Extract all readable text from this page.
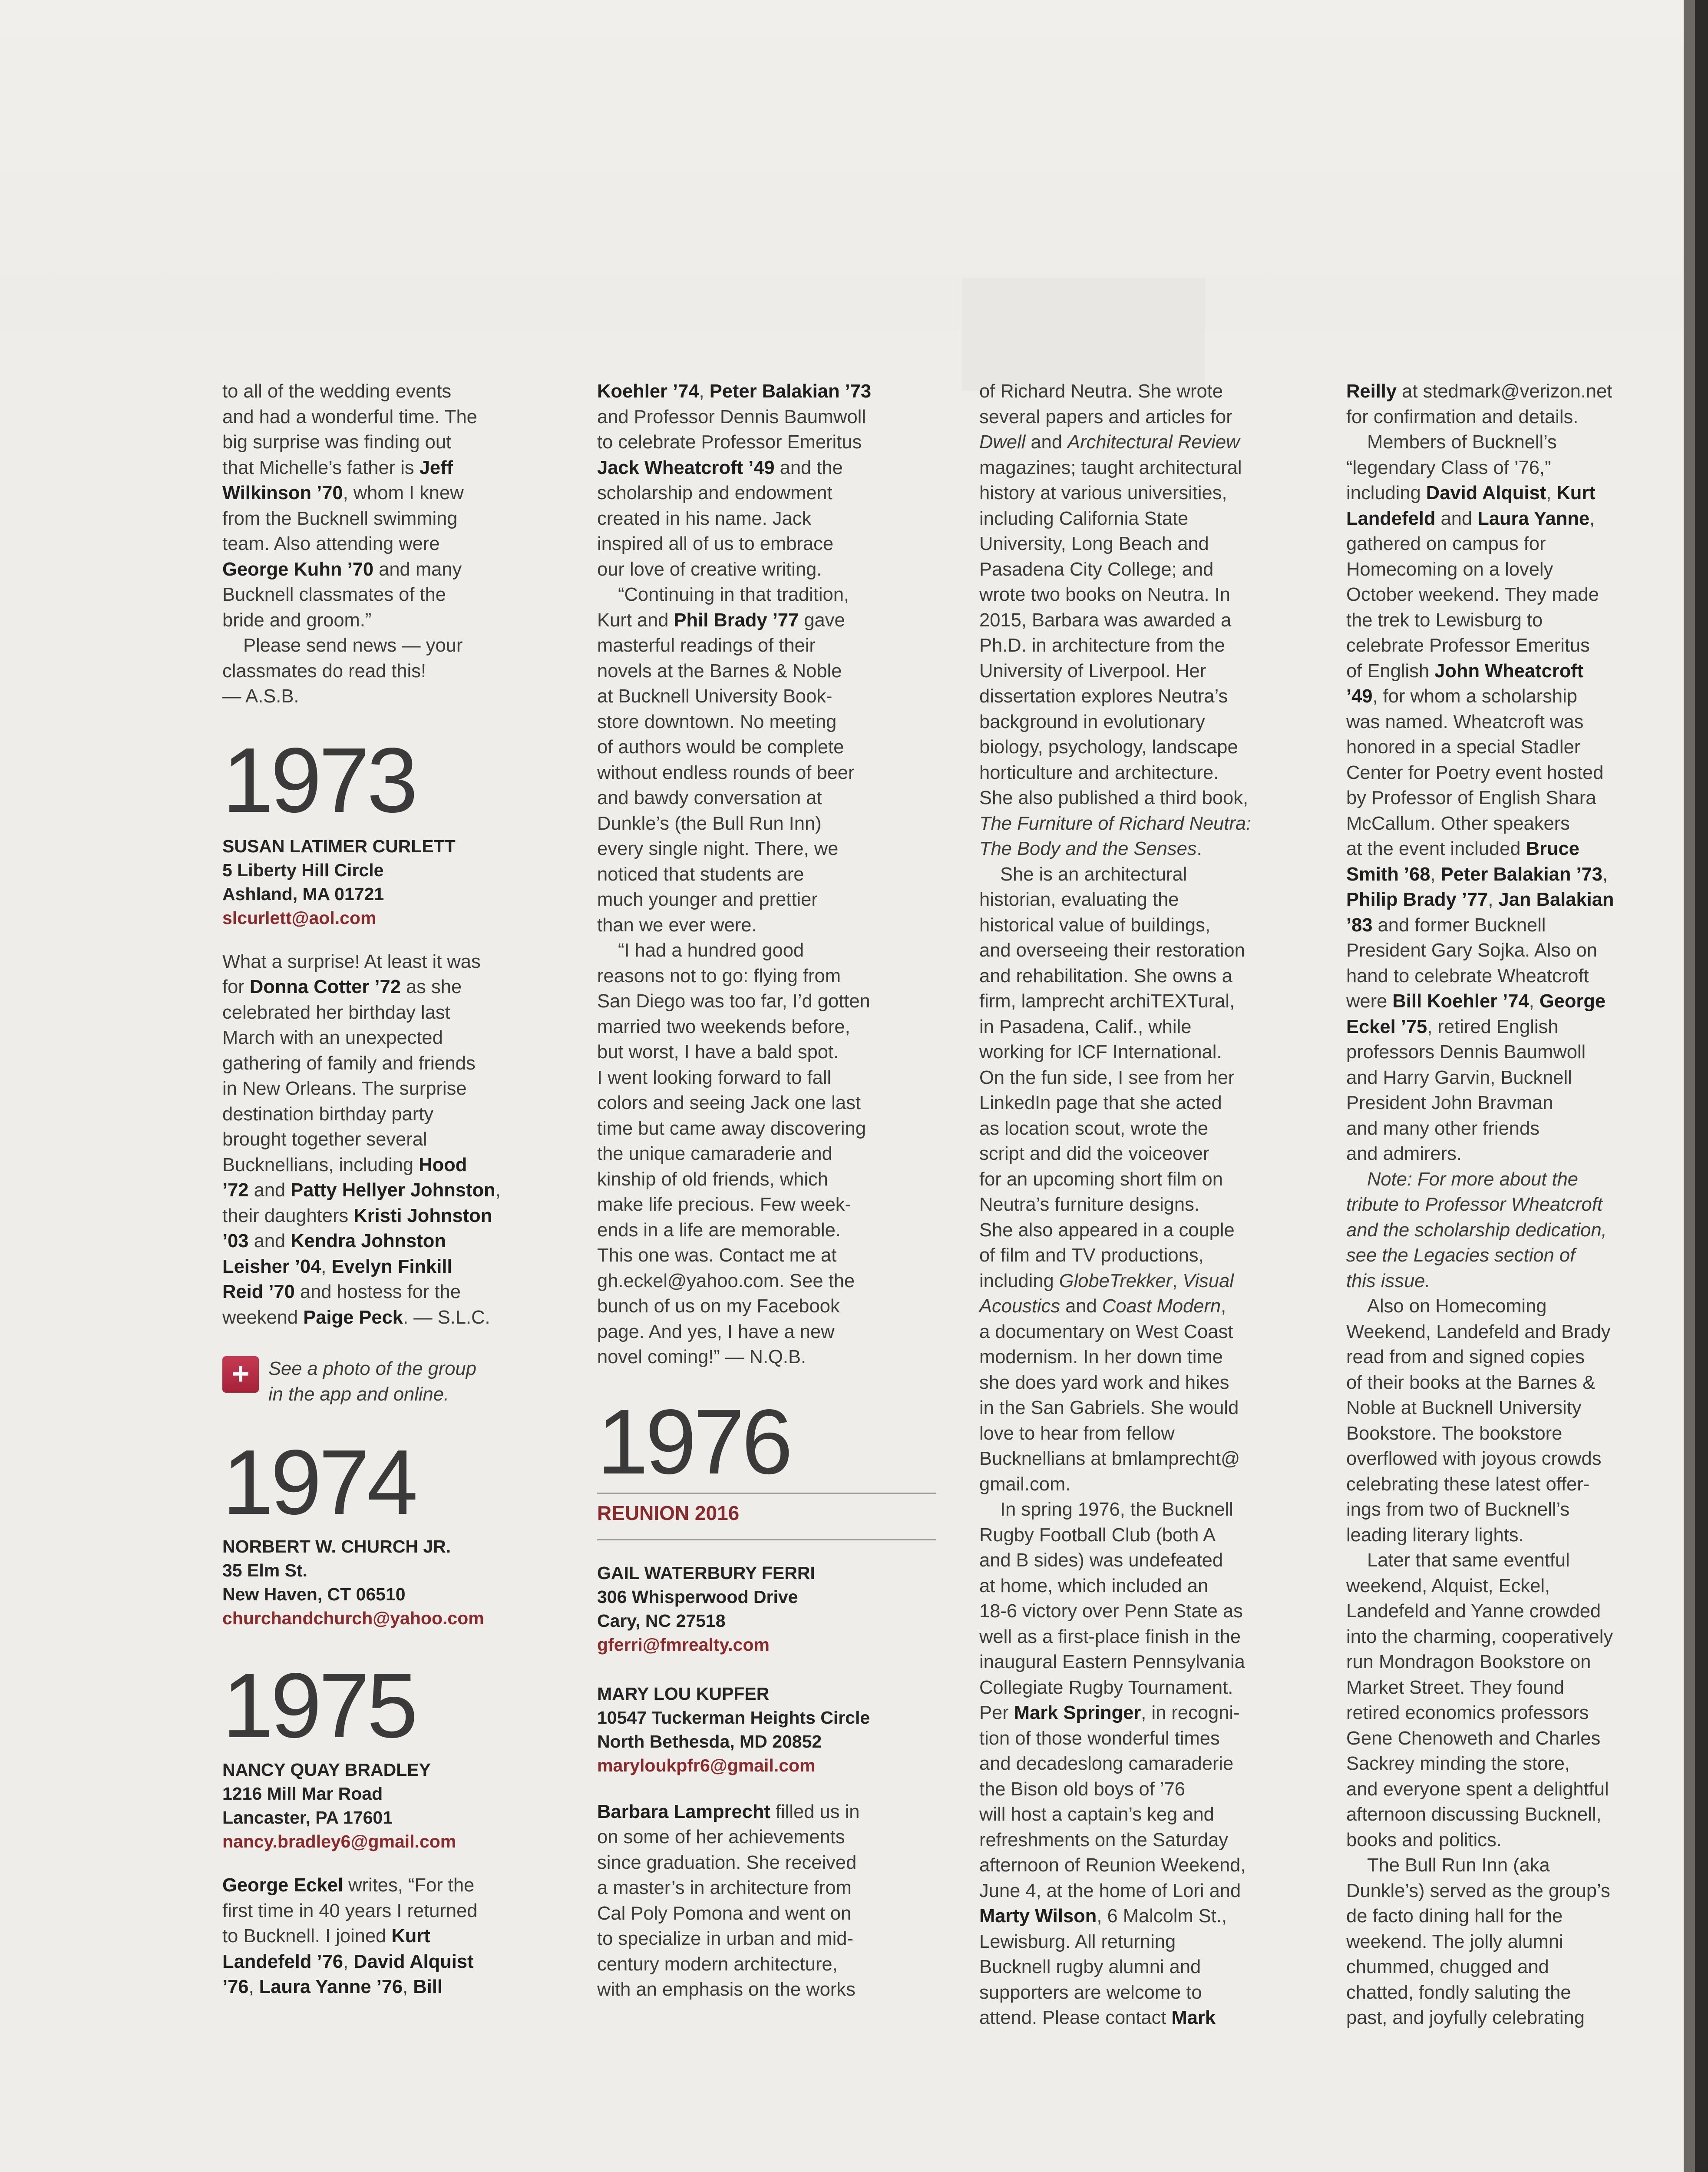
to all of the wedding events
and had a wonderful time. The
big surprise was finding out
that Michelle’s father is Jeff
Wilkinson ’70, whom I knew
from the Bucknell swimming
team. Also attending were
George Kuhn ’70 and many
Bucknell classmates of the
bride and groom.”

Please send news — your
classmates do read this!
— A.S.B.

1973

SUSAN LATIMER CURLETT

5 Liberty Hill Circle
Ashland, MA 01721

slcurlett@aol.com

What a surprise! At least it was
for Donna Cotter ’72 as she
celebrated her birthday last
March with an unexpected
gathering of family and friends
in New Orleans. The surprise
destination birthday party
brought together several
Bucknellians, including Hood
’72 and Patty Hellyer Johnston,
their daughters Kristi Johnston
’03 and Kendra Johnston
Leisher ’04, Evelyn Finkill
Reid ’70 and hostess for the
weekend Paige Peck. — S.L.C.

+	See a photo of the group
in the app and online.

1974

NORBERT W. CHURCH JR.

35 Elm St.
New Haven, CT 06510

churchandchurch@yahoo.com
1975

NANCY QUAY BRADLEY

1216 Mill Mar Road
Lancaster, PA 17601

nancy.bradley6@gmail.com

George Eckel writes, “For the
first time in 40 years I returned
to Bucknell. I joined Kurt
Landefeld ’76, David Alquist
’76, Laura Yanne ’76, Bill

Koehler ’74, Peter Balakian ’73
and Professor Dennis Baumwoll
to celebrate Professor Emeritus
Jack Wheatcroft ’49 and the
scholarship and endowment
created in his name. Jack
inspired all of us to embrace
our love of creative writing.

“Continuing in that tradition,
Kurt and Phil Brady ’77 gave
masterful readings of their
novels at the Barnes & Noble
at Bucknell University Book-
store downtown. No meeting
of authors would be complete
without endless rounds of beer
and bawdy conversation at
Dunkle’s (the Bull Run Inn)
every single night. There, we
noticed that students are
much younger and prettier
than we ever were.

“I had a hundred good
reasons not to go: flying from
San Diego was too far, I’d gotten
married two weekends before,
but worst, I have a bald spot.
I went looking forward to fall
colors and seeing Jack one last
time but came away discovering
the unique camaraderie and
kinship of old friends, which
make life precious. Few week-
ends in a life are memorable.
This one was. Contact me at
gh.eckel@yahoo.com. See the
bunch of us on my Facebook
page. And yes, I have a new
novel coming!” — N.Q.B.

1976

REUNION 2016

GAIL WATERBURY FERRI

306 Whisperwood Drive
Cary, NC 27518

gferri@fmrealty.com

MARY LOU KUPFER

10547 Tuckerman Heights Circle
North Bethesda, MD 20852

maryloukpfr6@gmail.com

Barbara Lamprecht filled us in
on some of her achievements
since graduation. She received
a master’s in architecture from
Cal Poly Pomona and went on
to specialize in urban and mid-
century modern architecture,
with an emphasis on the works

of Richard Neutra. She wrote
several papers and articles for
Dwell and Architectural Review
magazines; taught architectural
history at various universities,
including California State
University, Long Beach and
Pasadena City College; and
wrote two books on Neutra. In
2015, Barbara was awarded a
Ph.D. in architecture from the
University of Liverpool. Her
dissertation explores Neutra’s
background in evolutionary
biology, psychology, landscape
horticulture and architecture.
She also published a third book,
The Furniture of Richard Neutra:
The Body and the Senses.

She is an architectural
historian, evaluating the
historical value of buildings,
and overseeing their restoration
and rehabilitation. She owns a
firm, lamprecht archiTEXTural,
in Pasadena, Calif., while
working for ICF International.
On the fun side, I see from her
LinkedIn page that she acted
as location scout, wrote the
script and did the voiceover
for an upcoming short film on
Neutra’s furniture designs.
She also appeared in a couple
of film and TV productions,
including GlobeTrekker, Visual
Acoustics and Coast Modern,
a documentary on West Coast
modernism. In her down time
she does yard work and hikes
in the San Gabriels. She would
love to hear from fellow
Bucknellians at bmlamprecht@
gmail.com.

In spring 1976, the Bucknell
Rugby Football Club (both A
and B sides) was undefeated
at home, which included an
18-6 victory over Penn State as
well as a first-place finish in the
inaugural Eastern Pennsylvania
Collegiate Rugby Tournament.
Per Mark Springer, in recogni-
tion of those wonderful times
and decadeslong camaraderie
the Bison old boys of ’76
will host a captain’s keg and
refreshments on the Saturday
afternoon of Reunion Weekend,
June 4, at the home of Lori and
Marty Wilson, 6 Malcolm St.,
Lewisburg. All returning
Bucknell rugby alumni and
supporters are welcome to
attend. Please contact Mark

Reilly at stedmark@verizon.net
for confirmation and details.

Members of Bucknell’s
“legendary Class of ’76,”
including David Alquist, Kurt
Landefeld and Laura Yanne,
gathered on campus for
Homecoming on a lovely
October weekend. They made
the trek to Lewisburg to
celebrate Professor Emeritus
of English John Wheatcroft
’49, for whom a scholarship
was named. Wheatcroft was
honored in a special Stadler
Center for Poetry event hosted
by Professor of English Shara
McCallum. Other speakers
at the event included Bruce
Smith ’68, Peter Balakian ’73,
Philip Brady ’77, Jan Balakian
’83 and former Bucknell
President Gary Sojka. Also on
hand to celebrate Wheatcroft
were Bill Koehler ’74, George
Eckel ’75, retired English
professors Dennis Baumwoll
and Harry Garvin, Bucknell
President John Bravman
and many other friends
and admirers.

Note: For more about the
tribute to Professor Wheatcroft
and the scholarship dedication,
see the Legacies section of
this issue.

Also on Homecoming
Weekend, Landefeld and Brady
read from and signed copies
of their books at the Barnes &
Noble at Bucknell University
Bookstore. The bookstore
overflowed with joyous crowds
celebrating these latest offer-
ings from two of Bucknell’s
leading literary lights.

Later that same eventful
weekend, Alquist, Eckel,
Landefeld and Yanne crowded
into the charming, cooperatively
run Mondragon Bookstore on
Market Street. They found
retired economics professors
Gene Chenoweth and Charles
Sackrey minding the store,
and everyone spent a delightful
afternoon discussing Bucknell,
books and politics.

The Bull Run Inn (aka
Dunkle’s) served as the group’s
de facto dining hall for the
weekend. The jolly alumni
chummed, chugged and
chatted, fondly saluting the
past, and joyfully celebrating
